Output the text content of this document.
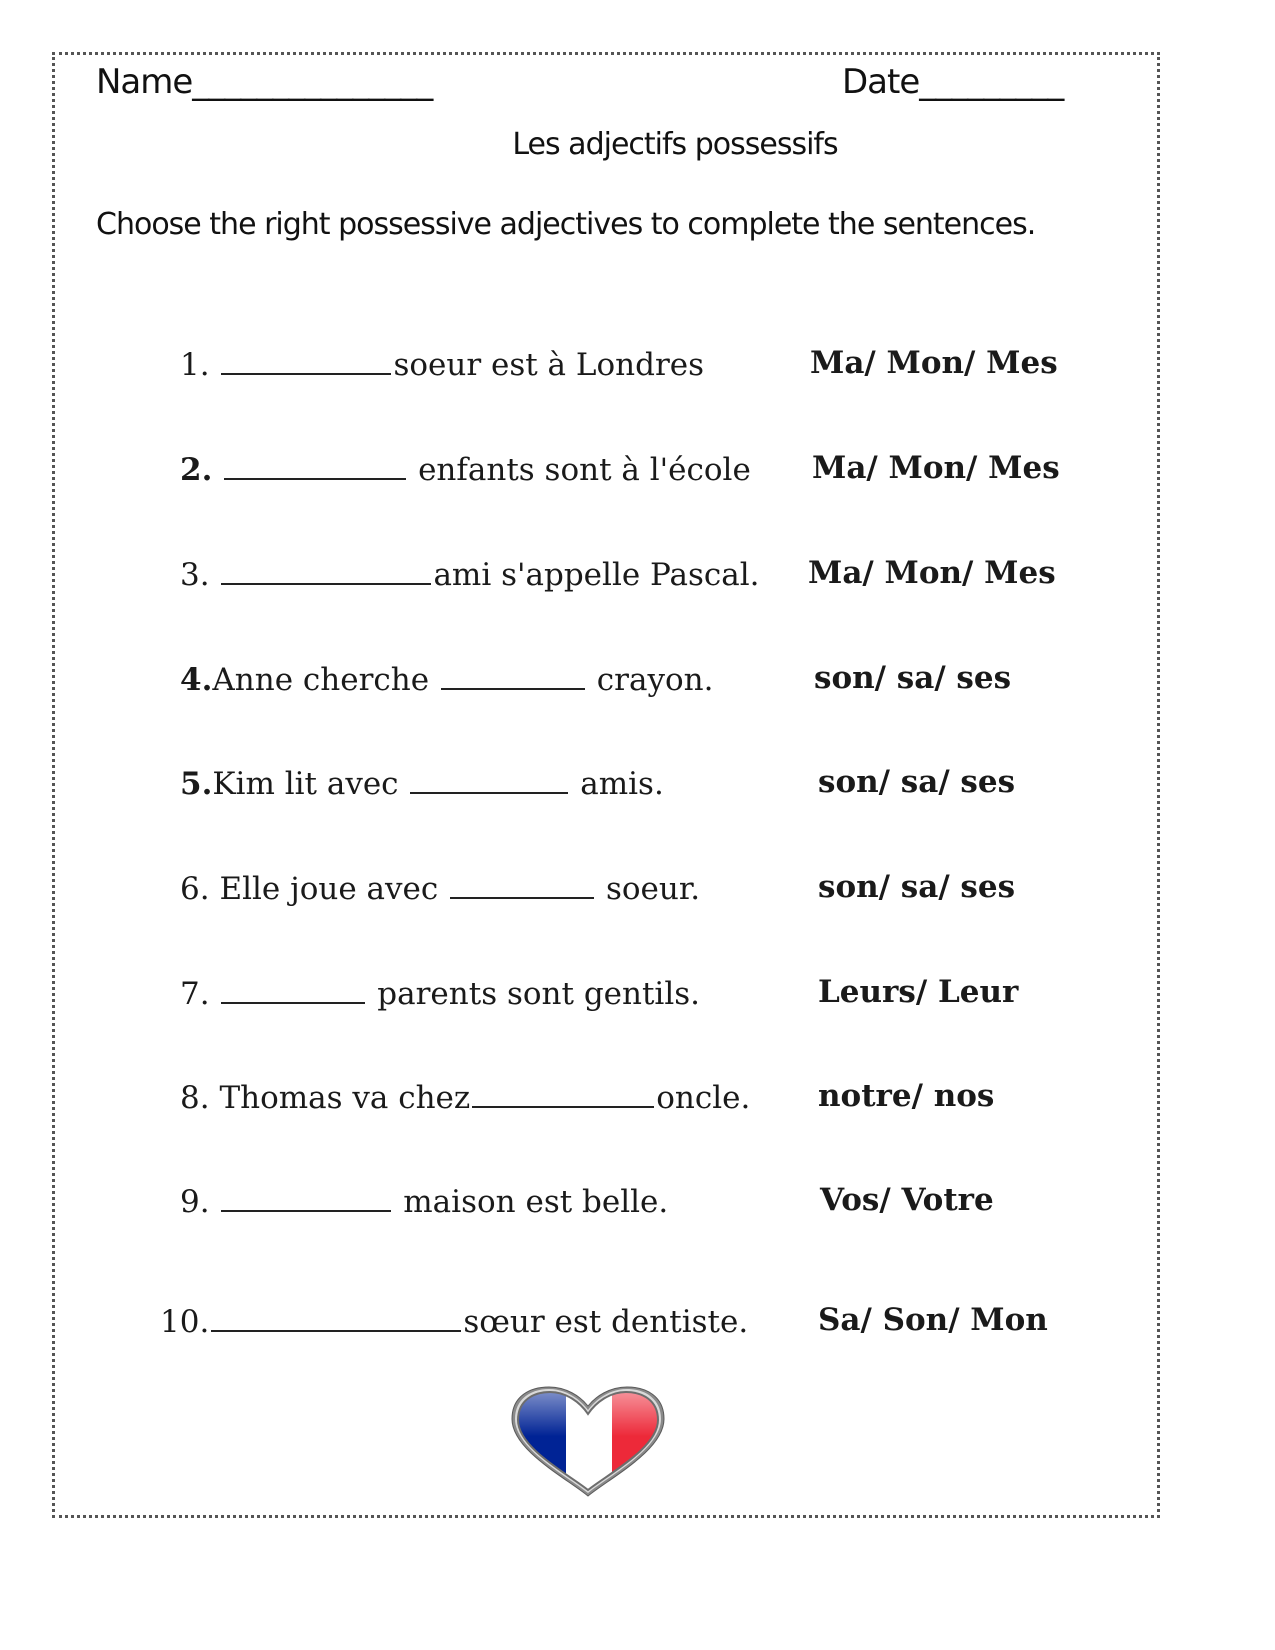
Name_______________	Date_________
Les adjectifs possessifs
Choose the right possessive adjectives to complete the sentences.
1.	soeur est à Londres	Ma/ Mon/ Mes
2.	enfants sont à l'école Ma/ Mon/ Mes
3.	ami s'appelle Pascal. Ma/ Mon/ Mes
4.Anne cherche	crayon.	son/ sa/ ses
5.Kim lit avec	amis.	son/ sa/ ses
6. Elle joue avec	soeur.	son/ sa/ ses
7.	parents sont gentils.	Leurs/ Leur
8. Thomas va chez	oncle. notre/ nos
9.	maison est belle.	Vos/ Votre
10.	sœur est dentiste. Sa/ Son/ Mon
